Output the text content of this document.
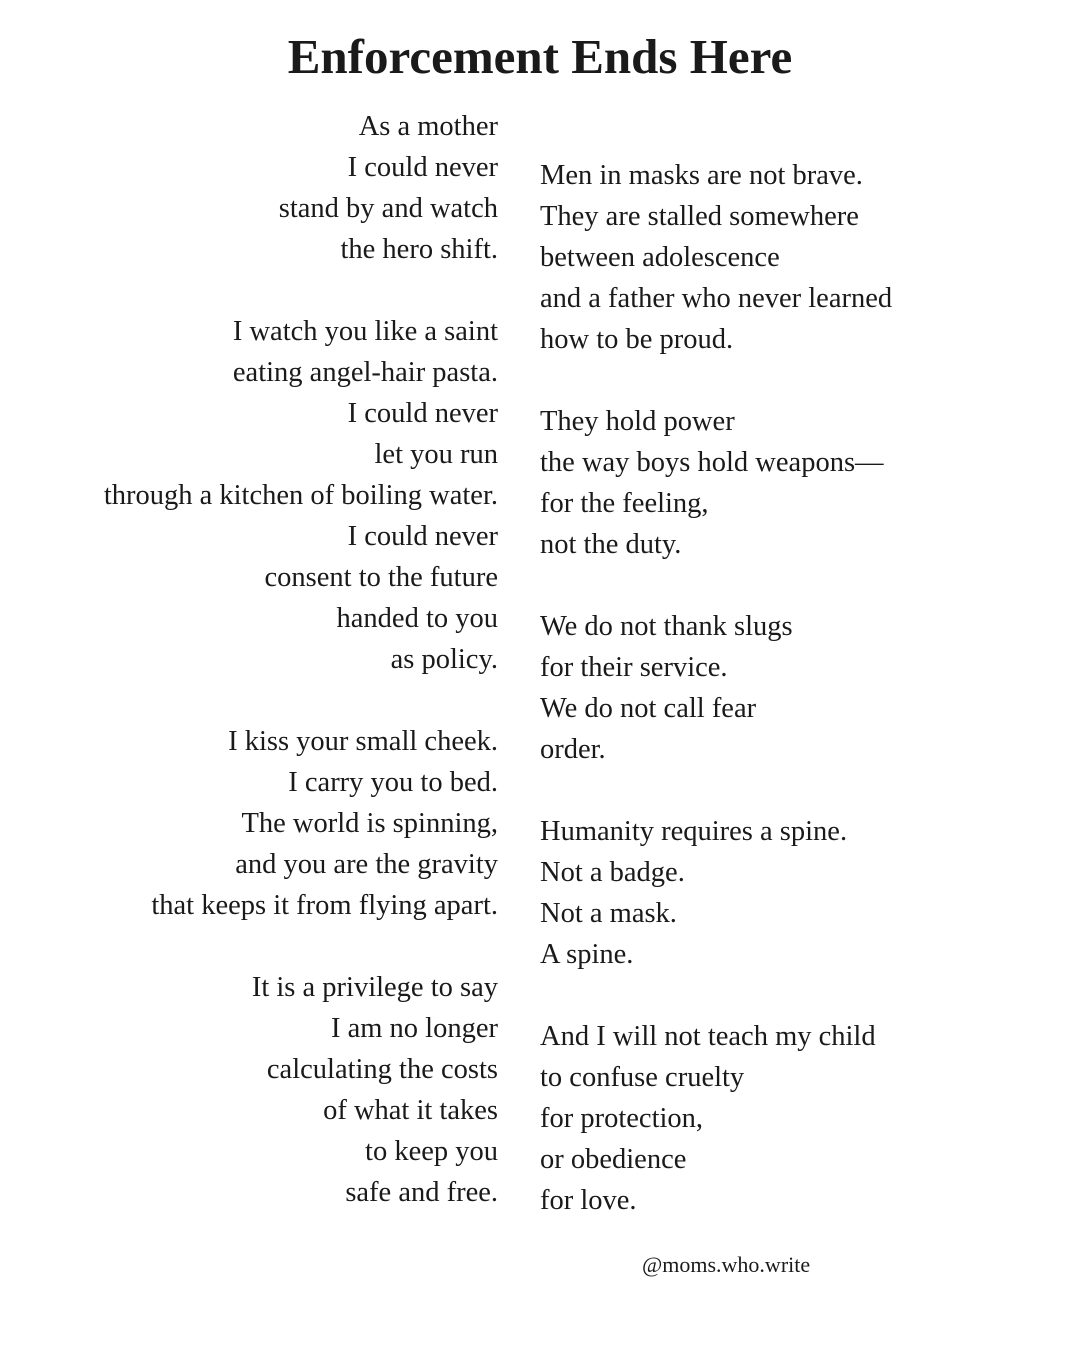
Enforcement Ends Here

As a mother
I could never
stand by and watch
the hero shift.

I watch you like a saint
eating angel-hair pasta.
I could never
let you run
through a kitchen of boiling water.
I could never
consent to the future
handed to you
as policy.

I kiss your small cheek.
I carry you to bed.
The world is spinning,
and you are the gravity
that keeps it from flying apart.

It is a privilege to say
I am no longer
calculating the costs
of what it takes
to keep you
safe and free.

Men in masks are not brave.
They are stalled somewhere
between adolescence
and a father who never learned
how to be proud.

They hold power
the way boys hold weapons—
for the feeling,
not the duty.

We do not thank slugs
for their service.
We do not call fear
order.

Humanity requires a spine.
Not a badge.
Not a mask.
A spine.

And I will not teach my child
to confuse cruelty
for protection,
or obedience
for love.

@moms.who.write
